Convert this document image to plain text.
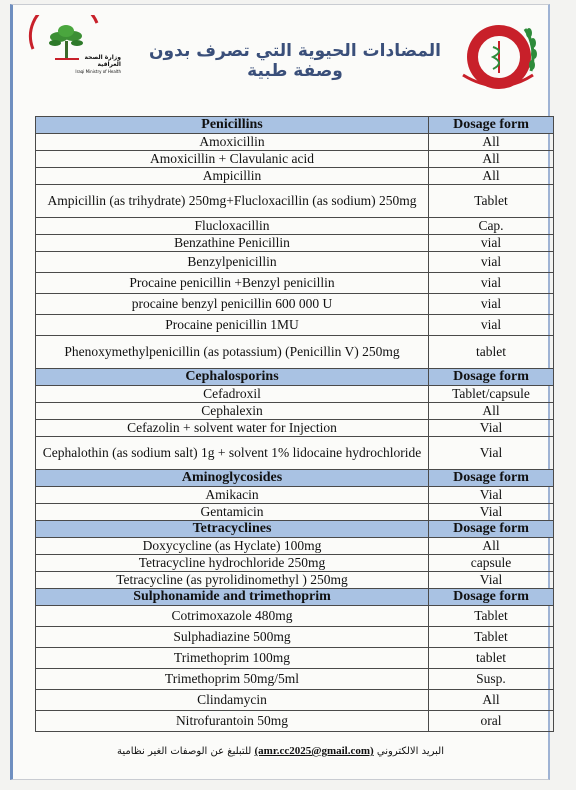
وزارة الصحة العراقية
Iraqi Ministry of Health
المضادات الحيوية التي تصرف بدون وصفة طبية
Penicillins	Dosage form
Amoxicillin	All
Amoxicillin + Clavulanic acid	All
Ampicillin	All
Ampicillin (as trihydrate) 250mg+Flucloxacillin (as sodium) 250mg	Tablet
Flucloxacillin	Cap.
Benzathine Penicillin	vial
Benzylpenicillin	vial
Procaine penicillin +Benzyl penicillin	vial
procaine benzyl penicillin 600 000 U	vial
Procaine penicillin 1MU	vial
Phenoxymethylpenicillin (as potassium) (Penicillin V) 250mg	tablet
Cephalosporins	Dosage form
Cefadroxil	Tablet/capsule
Cephalexin	All
Cefazolin + solvent water for Injection	Vial
Cephalothin (as sodium salt) 1g + solvent 1% lidocaine hydrochloride	Vial
Aminoglycosides	Dosage form
Amikacin	Vial
Gentamicin	Vial
Tetracyclines	Dosage form
Doxycycline (as Hyclate) 100mg	All
Tetracycline hydrochloride 250mg	capsule
Tetracycline (as pyrolidinomethyl ) 250mg	Vial
Sulphonamide and trimethoprim	Dosage form
Cotrimoxazole 480mg	Tablet
Sulphadiazine 500mg	Tablet
Trimethoprim 100mg	tablet
Trimethoprim 50mg/5ml	Susp.
Clindamycin	All
Nitrofurantoin 50mg	oral
البريد الالكتروني (amr.cc2025@gmail.com) للتبليغ عن الوصفات الغير نظامية
